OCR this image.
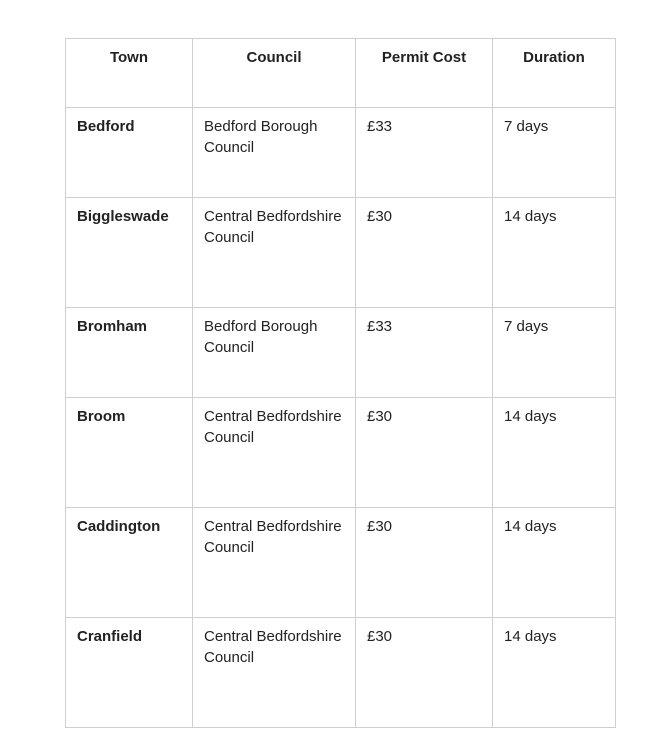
Town	Council	Permit Cost	Duration
Bedford	Bedford Borough Council	£33	7 days
Biggleswade	Central Bedfordshire Council	£30	14 days
Bromham	Bedford Borough Council	£33	7 days
Broom	Central Bedfordshire Council	£30	14 days
Caddington	Central Bedfordshire Council	£30	14 days
Cranfield	Central Bedfordshire Council	£30	14 days
